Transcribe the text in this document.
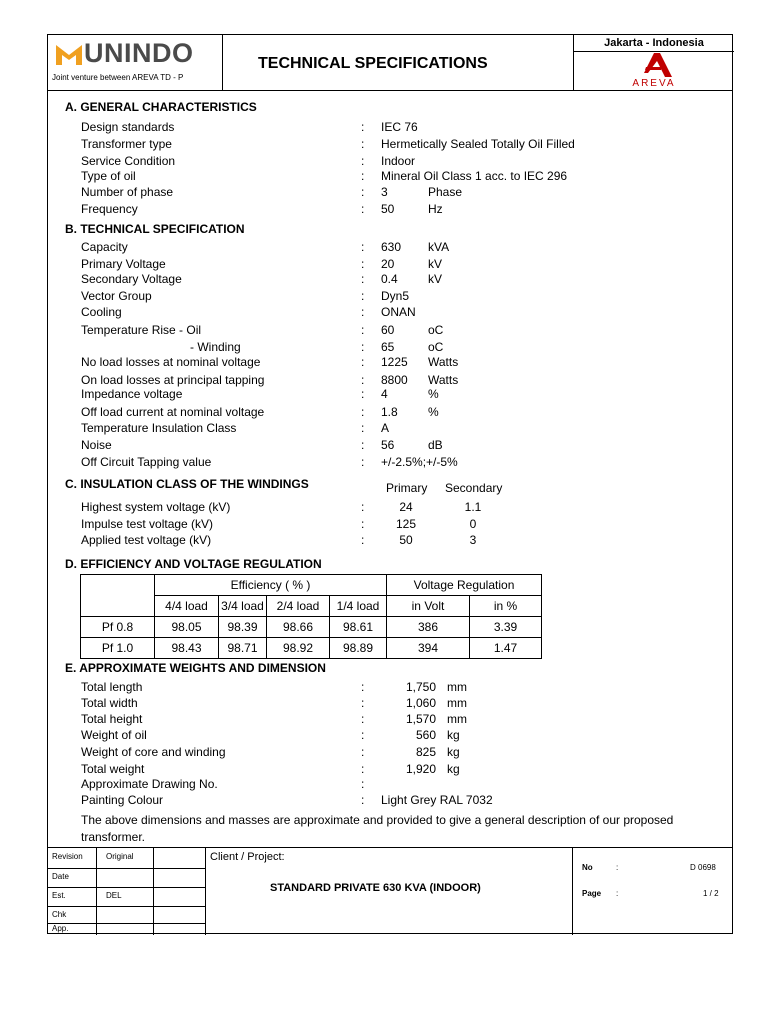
UNINDO
Joint venture between AREVA TD - P
TECHNICAL SPECIFICATIONS
Jakarta - Indonesia
AREVA
A. GENERAL CHARACTERISTICS
Design standards	: IEC 76
Transformer type	: Hermetically Sealed Totally Oil Filled
Service Condition	: Indoor
Type of oil	: Mineral Oil Class 1 acc. to IEC 296
Number of phase	: 3	Phase
Frequency	: 50	Hz
B. TECHNICAL SPECIFICATION
Capacity	: 630 kVA
Primary Voltage	: 20	kV
Secondary Voltage	: 0.4	kV
Vector Group	: Dyn5
Cooling	: ONAN
Temperature Rise - Oil	: 60	oC
- Winding	: 65	oC
No load losses at nominal voltage	: 1225 Watts
On load losses at principal tapping	: 8800 Watts
Impedance voltage	: 4	%
Off load current at nominal voltage	: 1.8	%
Temperature Insulation Class	: A
Noise	: 56	dB
Off Circuit Tapping value	: +/-2.5%;+/-5%
C. INSULATION CLASS OF THE WINDINGS	Primary Secondary
Highest system voltage (kV)	:	24	1.1
Impulse test voltage (kV)	:	125	0
Applied test voltage (kV)	:	50	3
D. EFFICIENCY AND VOLTAGE REGULATION
	Efficiency ( % )				Voltage Regulation	
	4/4 load	3/4 load	2/4 load	1/4 load	in Volt	in %
Pf 0.8	98.05	98.39	98.66	98.61	386	3.39
Pf 1.0	98.43	98.71	98.92	98.89	394	1.47
E. APPROXIMATE WEIGHTS AND DIMENSION
Total length	:	1,750 mm
Total width	:	1,060 mm
Total height	:	1,570 mm
Weight of oil	:	560 kg
Weight of core and winding	:	825 kg
Total weight	:	1,920 kg
Approximate Drawing No.	:
Painting Colour	: Light Grey RAL 7032
The above dimensions and masses are approximate and provided to give a general description of our proposed
transformer.
Revision	Original
Date
Est.	DEL
Chk
App.
Client / Project:
STANDARD PRIVATE 630 KVA (INDOOR)
No	:	D 0698
Page :	1 / 2
